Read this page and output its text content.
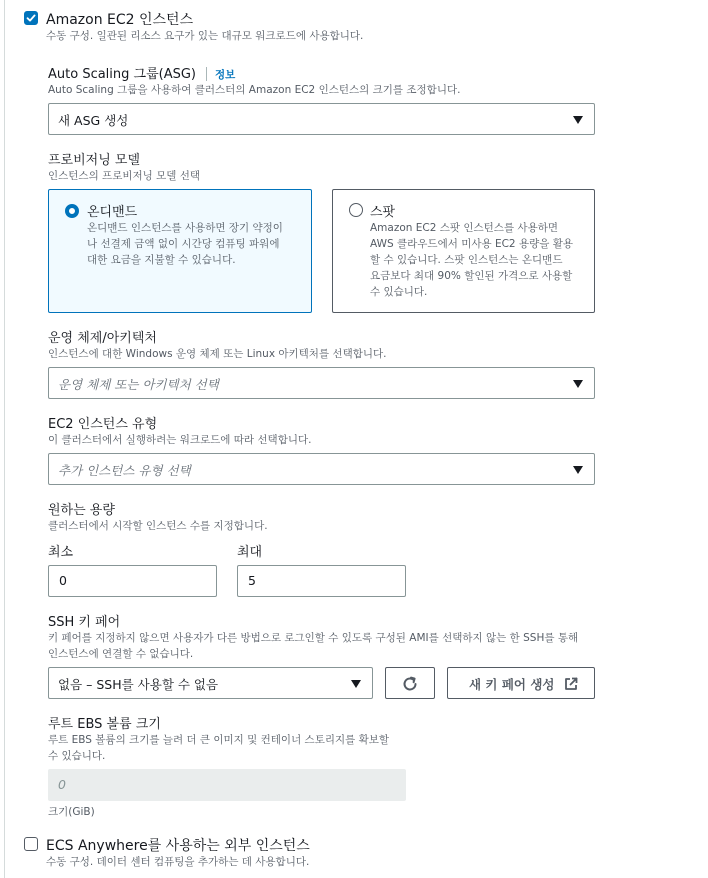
Amazon EC2 인스턴스
수동 구성. 일관된 리소스 요구가 있는 대규모 워크로드에 사용합니다.
Auto Scaling 그룹(ASG) 정보
Auto Scaling 그룹을 사용하여 클러스터의 Amazon EC2 인스턴스의 크기를 조정합니다.
새 ASG 생성
프로비저닝 모델
인스턴스의 프로비저닝 모델 선택
온디맨드
온디맨드 인스턴스를 사용하면 장기 약정이
나 선결제 금액 없이 시간당 컴퓨팅 파워에
대한 요금을 지불할 수 있습니다.
스팟
Amazon EC2 스팟 인스턴스를 사용하면
AWS 클라우드에서 미사용 EC2 용량을 활용
할 수 있습니다. 스팟 인스턴스는 온디맨드
요금보다 최대 90% 할인된 가격으로 사용할
수 있습니다.
운영 체제/아키텍처
인스턴스에 대한 Windows 운영 체제 또는 Linux 아키텍처를 선택합니다.
운영 체제 또는 아키텍처 선택
EC2 인스턴스 유형
이 클러스터에서 실행하려는 워크로드에 따라 선택합니다.
추가 인스턴스 유형 선택
원하는 용량
클러스터에서 시작할 인스턴스 수를 지정합니다.
최소	최대
0	5
SSH 키 페어
키 페어를 지정하지 않으면 사용자가 다른 방법으로 로그인할 수 있도록 구성된 AMI를 선택하지 않는 한 SSH를 통해
인스턴스에 연결할 수 없습니다.
없음 – SSH를 사용할 수 없음	새 키 페어 생성
루트 EBS 볼륨 크기
루트 EBS 볼륨의 크기를 늘려 더 큰 이미지 및 컨테이너 스토리지를 확보할
수 있습니다.
0
크기(GiB)
ECS Anywhere를 사용하는 외부 인스턴스
수동 구성. 데이터 센터 컴퓨팅을 추가하는 데 사용합니다.
